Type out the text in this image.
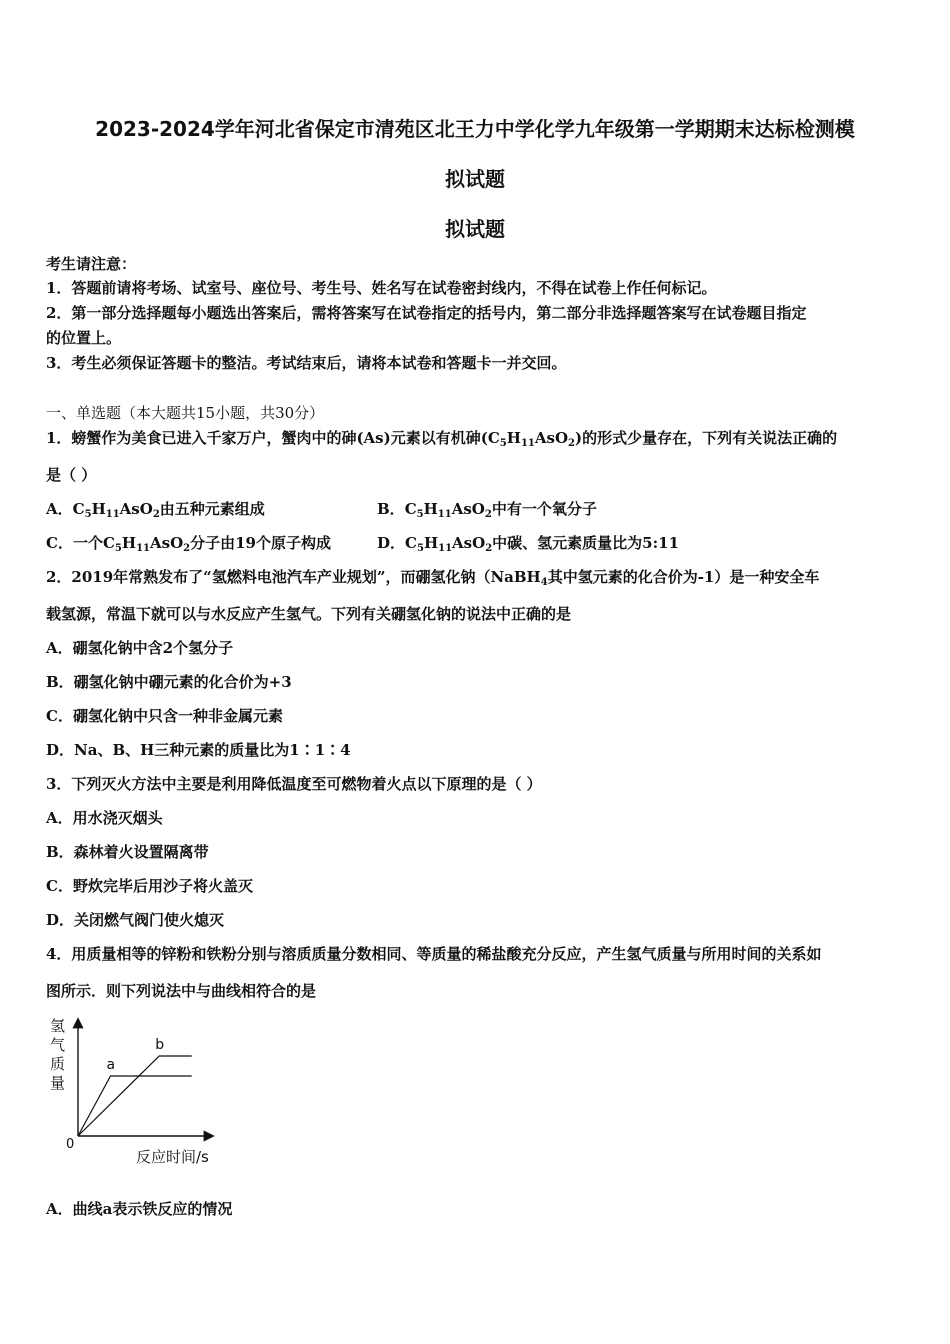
2023-2024学年河北省保定市清苑区北王力中学化学九年级第一学期期末达标检测模
拟试题
拟试题
考生请注意：
1．答题前请将考场、试室号、座位号、考生号、姓名写在试卷密封线内，不得在试卷上作任何标记。
2．第一部分选择题每小题选出答案后，需将答案写在试卷指定的括号内，第二部分非选择题答案写在试卷题目指定
的位置上。
3．考生必须保证答题卡的整洁。考试结束后，请将本试卷和答题卡一并交回。
一、单选题（本大题共15小题，共30分）
1．螃蟹作为美食已进入千家万户，蟹肉中的砷(As)元素以有机砷$(C_5H_{11}AsO_2)$的形式少量存在，下列有关说法正确的
是（ ）
A．$C_5H_{11}AsO_2$由五种元素组成	B．$C_5H_{11}AsO_2$中有一个氧分子
C．一个$C_5H_{11}AsO_2$分子由19个原子构成	D．$C_5H_{11}AsO_2$中碳、氢元素质量比为5:11
2．2019年常熟发布了“氢燃料电池汽车产业规划”，而硼氢化钠（NaBH$_4$其中氢元素的化合价为-1）是一种安全车
载氢源，常温下就可以与水反应产生氢气。下列有关硼氢化钠的说法中正确的是
A．硼氢化钠中含2个氢分子
B．硼氢化钠中硼元素的化合价为+3
C．硼氢化钠中只含一种非金属元素
D．Na、B、H三种元素的质量比为1∶1∶4
3．下列灭火方法中主要是利用降低温度至可燃物着火点以下原理的是（ ）
A．用水浇灭烟头
B．森林着火设置隔离带
C．野炊完毕后用沙子将火盖灭
D．关闭燃气阀门使火熄灭
4．用质量相等的锌粉和铁粉分别与溶质质量分数相同、等质量的稀盐酸充分反应，产生氢气质量与所用时间的关系如
图所示．则下列说法中与曲线相符合的是
氢
气
质
量
0
反应时间/s
a
b
A．曲线a表示铁反应的情况
